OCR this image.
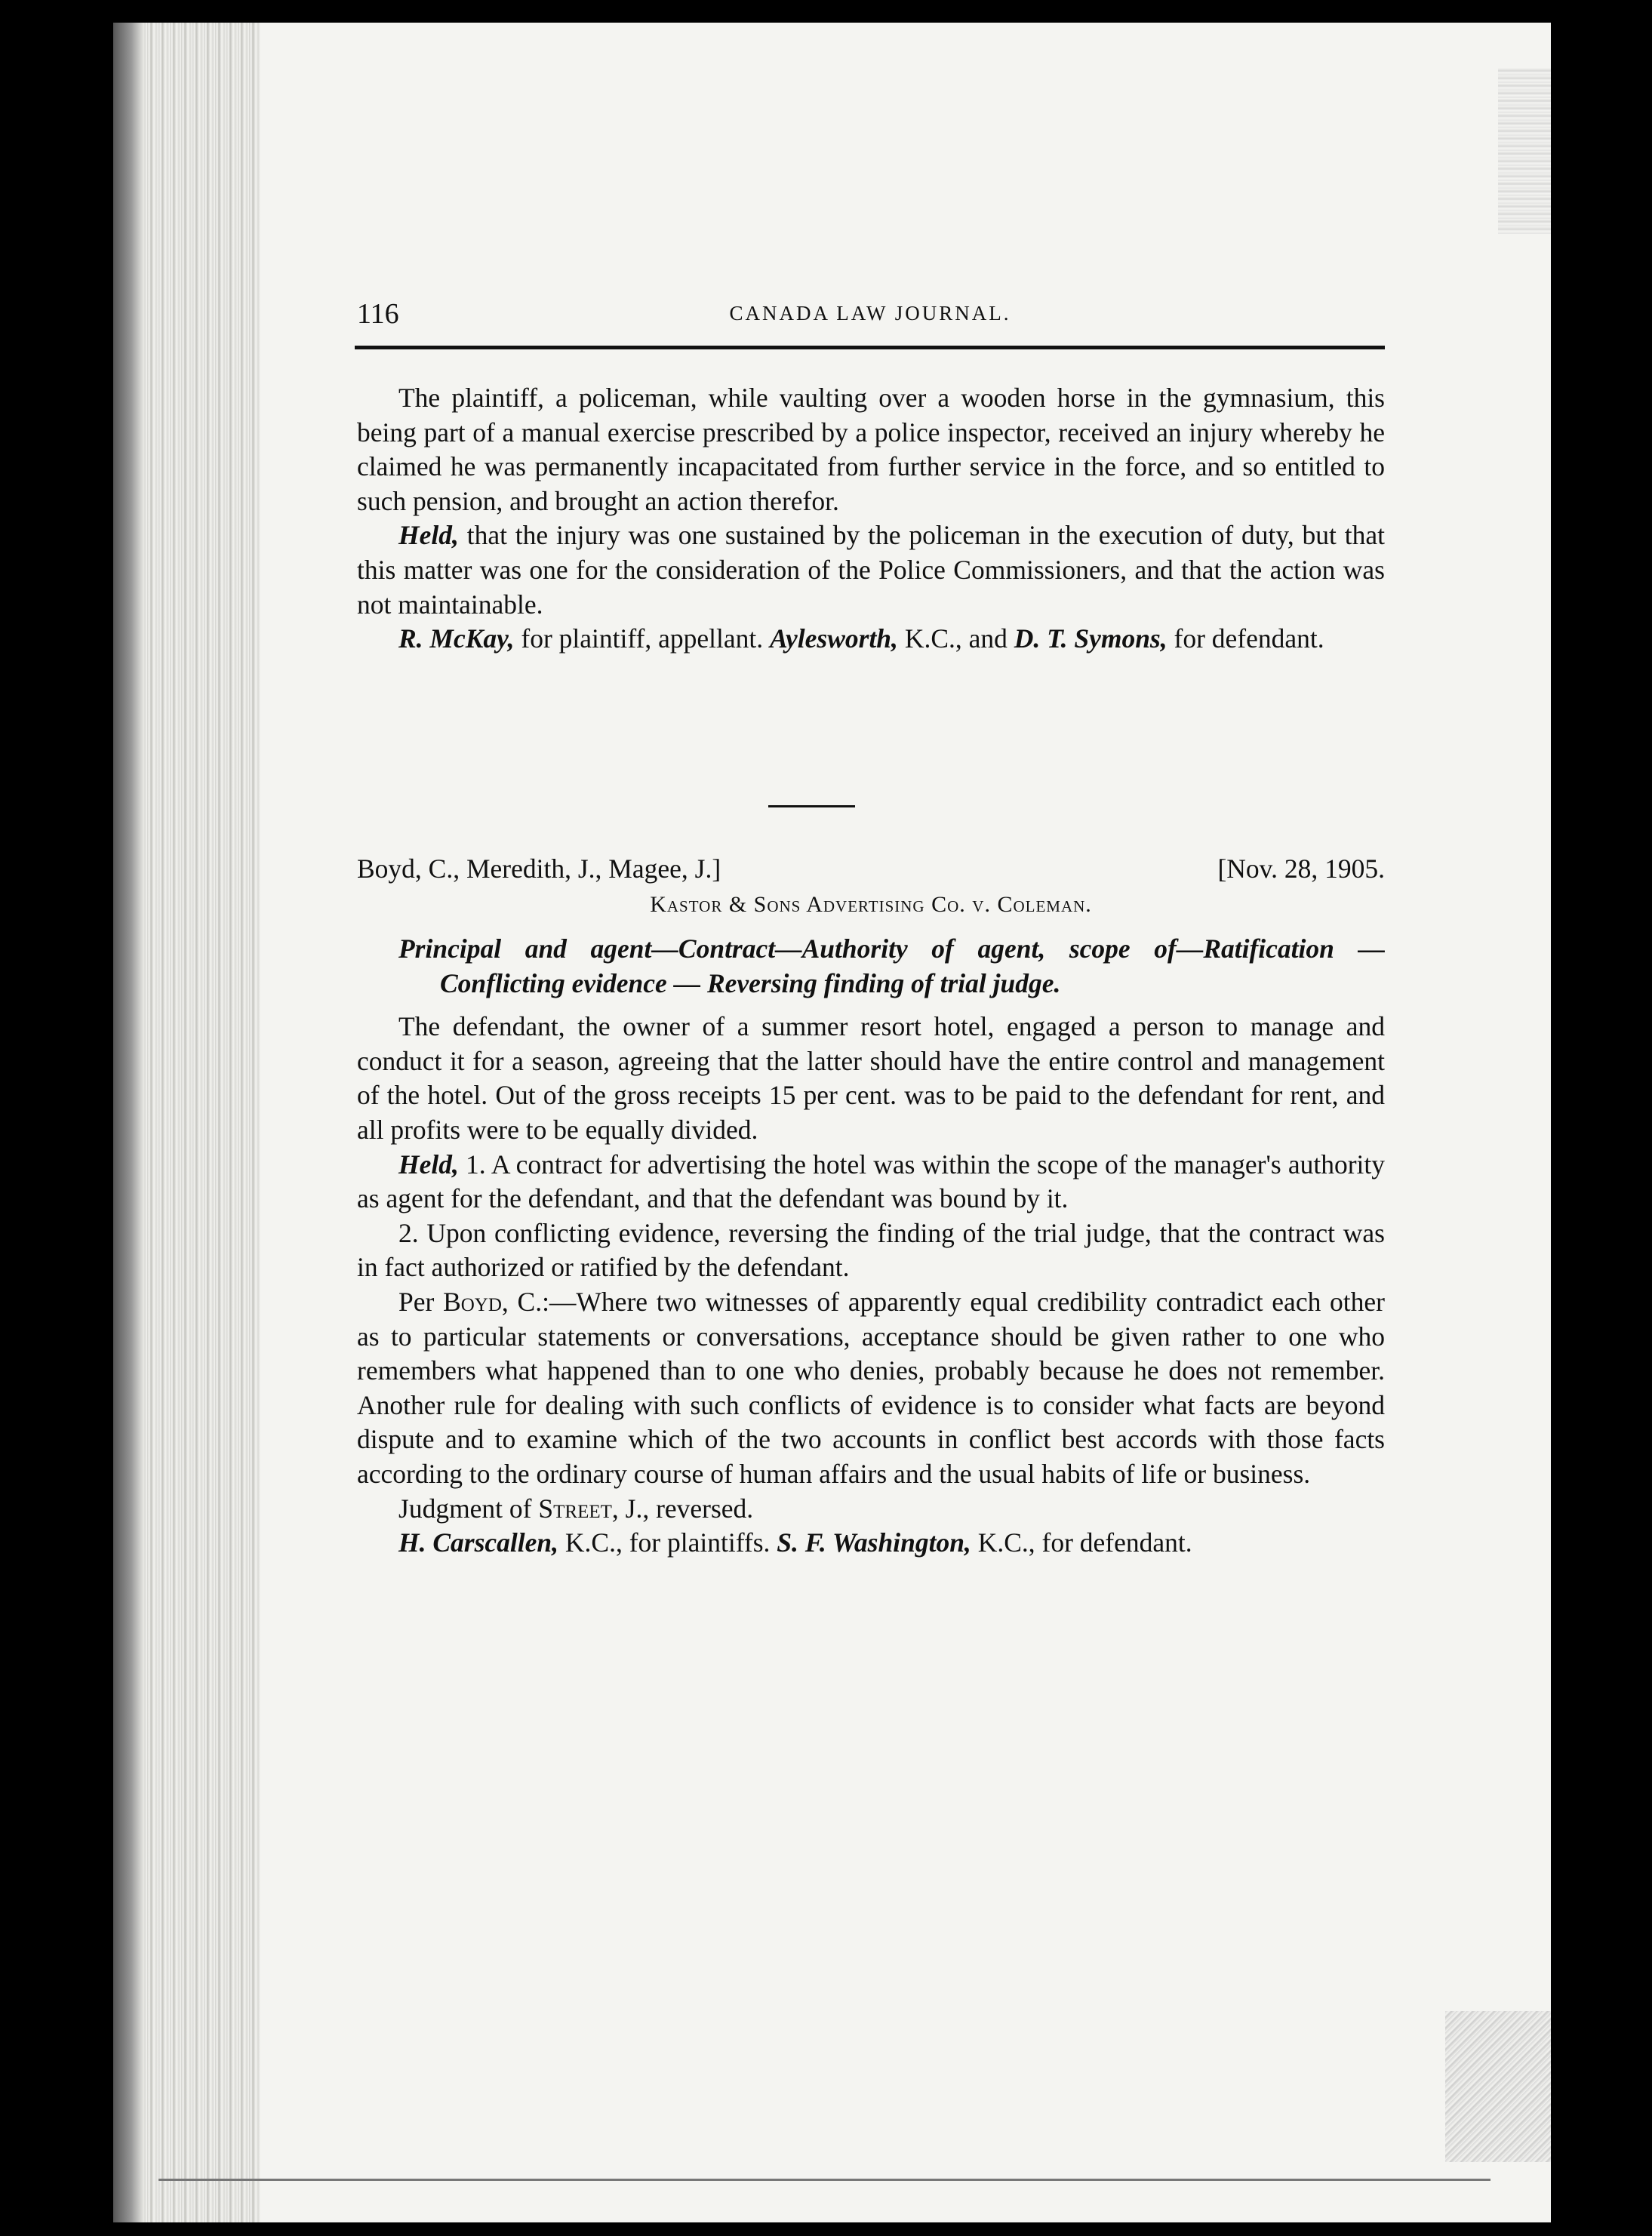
116	CANADA LAW JOURNAL.

The plaintiff, a policeman, while vaulting over a wooden horse in the gymnasium, this being part of a manual exercise prescribed by a police inspector, received an injury whereby he claimed he was permanently incapacitated from further service in the force, and so entitled to such pension, and brought an action therefor.

Held, that the injury was one sustained by the policeman in the execution of duty, but that this matter was one for the consideration of the Police Commissioners, and that the action was not maintainable.

R. McKay, for plaintiff, appellant. Aylesworth, K.C., and D. T. Symons, for defendant.

Boyd, C., Meredith, J., Magee, J.]	[Nov. 28, 1905.
Kastor & Sons Advertising Co. v. Coleman.

Principal and agent—Contract—Authority of agent, scope of—Ratification — Conflicting evidence — Reversing finding of trial judge.

The defendant, the owner of a summer resort hotel, engaged a person to manage and conduct it for a season, agreeing that the latter should have the entire control and management of the hotel. Out of the gross receipts 15 per cent. was to be paid to the defendant for rent, and all profits were to be equally divided.

Held, 1. A contract for advertising the hotel was within the scope of the manager's authority as agent for the defendant, and that the defendant was bound by it.

2. Upon conflicting evidence, reversing the finding of the trial judge, that the contract was in fact authorized or ratified by the defendant.

Per Boyd, C.:—Where two witnesses of apparently equal credibility contradict each other as to particular statements or conversations, acceptance should be given rather to one who remembers what happened than to one who denies, probably because he does not remember. Another rule for dealing with such conflicts of evidence is to consider what facts are beyond dispute and to examine which of the two accounts in conflict best accords with those facts according to the ordinary course of human affairs and the usual habits of life or business.

Judgment of Street, J., reversed.

H. Carscallen, K.C., for plaintiffs. S. F. Washington, K.C., for defendant.
